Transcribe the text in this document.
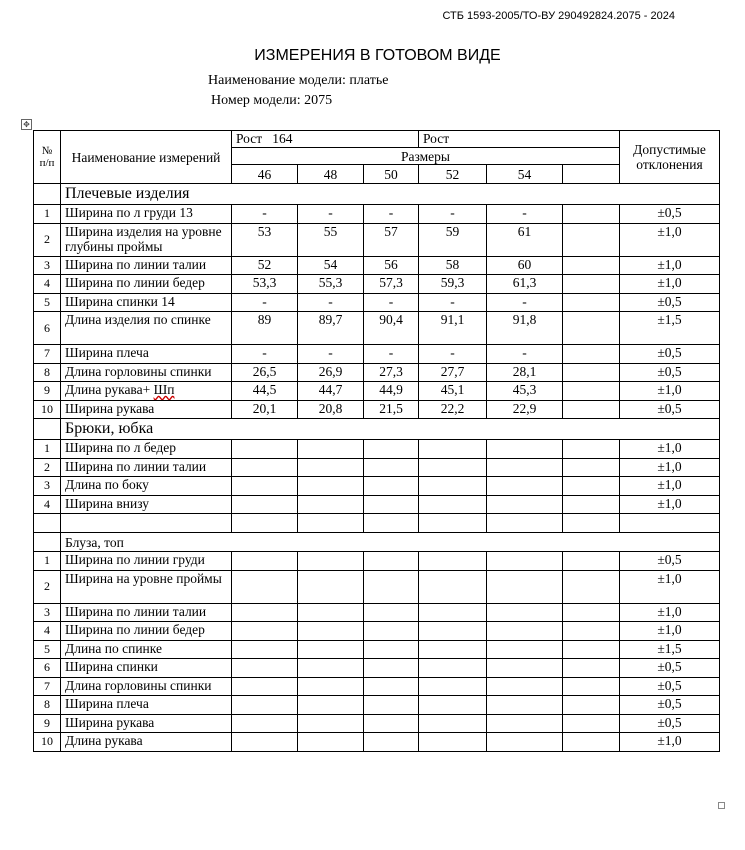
СТБ 1593-2005/ТО-ВУ 290492824.2075 - 2024
ИЗМЕРЕНИЯ В ГОТОВОМ ВИДЕ
Наименование модели: платье
Номер модели: 2075
✥
№ п/п	Наименование измерений	Рост   164			Рост			Допустимые отклонения
		Размеры						
		46	48	50	52	54		
	Плечевые изделия							
1	Ширина по л груди 13	-	-	-	-	-		±0,5
2	Ширина изделия на уровне глубины проймы	53	55	57	59	61		±1,0
3	Ширина по линии талии	52	54	56	58	60		±1,0
4	Ширина по линии бедер	53,3	55,3	57,3	59,3	61,3		±1,0
5	Ширина спинки 14	-	-	-	-	-		±0,5
6	Длина изделия по спинке	89	89,7	90,4	91,1	91,8		±1,5
7	Ширина плеча	-	-	-	-	-		±0,5
8	Длина горловины спинки	26,5	26,9	27,3	27,7	28,1		±0,5
9	Длина рукава+ Шп	44,5	44,7	44,9	45,1	45,3		±1,0
10	Ширина рукава	20,1	20,8	21,5	22,2	22,9		±0,5
	Брюки, юбка							
1	Ширина по л бедер							±1,0
2	Ширина по линии талии							±1,0
3	Длина по боку							±1,0
4	Ширина внизу							±1,0

	Блуза, топ							
1	Ширина по линии груди							±0,5
2	Ширина на уровне проймы							±1,0
3	Ширина по линии талии							±1,0
4	Ширина по линии бедер							±1,0
5	Длина по спинке							±1,5
6	Ширина спинки							±0,5
7	Длина горловины спинки							±0,5
8	Ширина плеча							±0,5
9	Ширина рукава							±0,5
10	Длина рукава							±1,0
